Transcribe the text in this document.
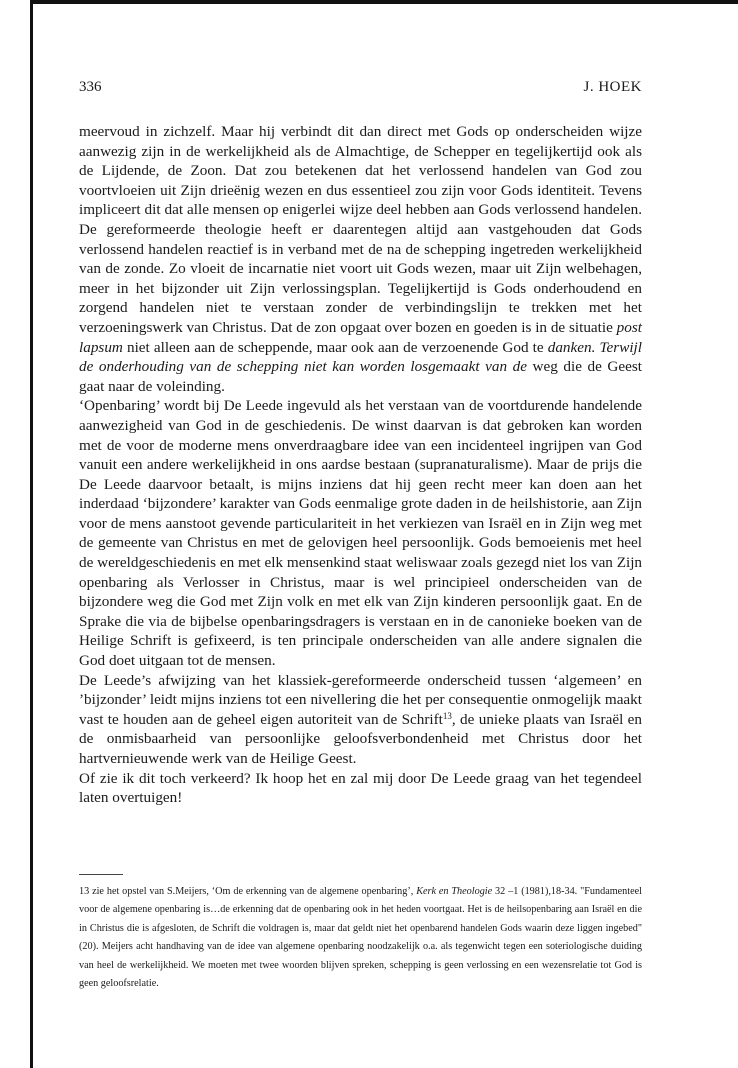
336	J. HOEK

meervoud in zichzelf. Maar hij verbindt dit dan direct met Gods op onderscheiden wijze aanwezig zijn in de werkelijkheid als de Almachtige, de Schepper en tegelijkertijd ook als de Lijdende, de Zoon. Dat zou betekenen dat het verlossend handelen van God zou voortvloeien uit Zijn drieënig wezen en dus essentieel zou zijn voor Gods identiteit. Tevens impliceert dit dat alle mensen op enigerlei wijze deel hebben aan Gods verlossend handelen. De gereformeerde theologie heeft er daarentegen altijd aan vastgehouden dat Gods verlossend handelen reactief is in verband met de na de schepping ingetreden werkelijkheid van de zonde. Zo vloeit de incarnatie niet voort uit Gods wezen, maar uit Zijn welbehagen, meer in het bijzonder uit Zijn verlossingsplan. Tegelijkertijd is Gods onderhoudend en zorgend handelen niet te verstaan zonder de verbindingslijn te trekken met het verzoeningswerk van Christus. Dat de zon opgaat over bozen en goeden is in de situatie post lapsum niet alleen aan de scheppende, maar ook aan de verzoenende God te danken. Terwijl de onderhouding van de schepping niet kan worden losgemaakt van de weg die de Geest gaat naar de voleinding.

‘Openbaring’ wordt bij De Leede ingevuld als het verstaan van de voortdurende handelende aanwezigheid van God in de geschiedenis. De winst daarvan is dat gebroken kan worden met de voor de moderne mens onverdraagbare idee van een incidenteel ingrijpen van God vanuit een andere werkelijkheid in ons aardse bestaan (supranaturalisme). Maar de prijs die De Leede daarvoor betaalt, is mijns inziens dat hij geen recht meer kan doen aan het inderdaad ‘bijzondere’ karakter van Gods eenmalige grote daden in de heilshistorie, aan Zijn voor de mens aanstoot gevende particulariteit in het verkiezen van Israël en in Zijn weg met de gemeente van Christus en met de gelovigen heel persoonlijk. Gods bemoeienis met heel de wereldgeschiedenis en met elk mensenkind staat weliswaar zoals gezegd niet los van Zijn openbaring als Verlosser in Christus, maar is wel principieel onderscheiden van de bijzondere weg die God met Zijn volk en met elk van Zijn kinderen persoonlijk gaat. En de Sprake die via de bijbelse openbaringsdragers is verstaan en in de canonieke boeken van de Heilige Schrift is gefixeerd, is ten principale onderscheiden van alle andere signalen die God doet uitgaan tot de mensen.

De Leede’s afwijzing van het klassiek-gereformeerde onderscheid tussen ‘algemeen’ en ’bijzonder’ leidt mijns inziens tot een nivellering die het per consequentie onmogelijk maakt vast te houden aan de geheel eigen autoriteit van de Schrift$^{13}$, de unieke plaats van Israël en de onmisbaarheid van persoonlijke geloofsverbondenheid met Christus door het hartvernieuwende werk van de Heilige Geest.

Of zie ik dit toch verkeerd? Ik hoop het en zal mij door De Leede graag van het tegendeel laten overtuigen!

13 zie het opstel van S.Meijers, ‘Om de erkenning van de algemene openbaring’, Kerk en Theologie 32 –1 (1981),18-34. "Fundamenteel voor de algemene openbaring is…de erkenning dat de openbaring ook in het heden voortgaat. Het is de heilsopenbaring aan Israël en die in Christus die is afgesloten, de Schrift die voldragen is, maar dat geldt niet het openbarend handelen Gods waarin deze liggen ingebed" (20). Meijers acht handhaving van de idee van algemene openbaring noodzakelijk o.a. als tegenwicht tegen een soteriologische duiding van heel de werkelijkheid. We moeten met twee woorden blijven spreken, schepping is geen verlossing en een wezensrelatie tot God is geen geloofsrelatie.
